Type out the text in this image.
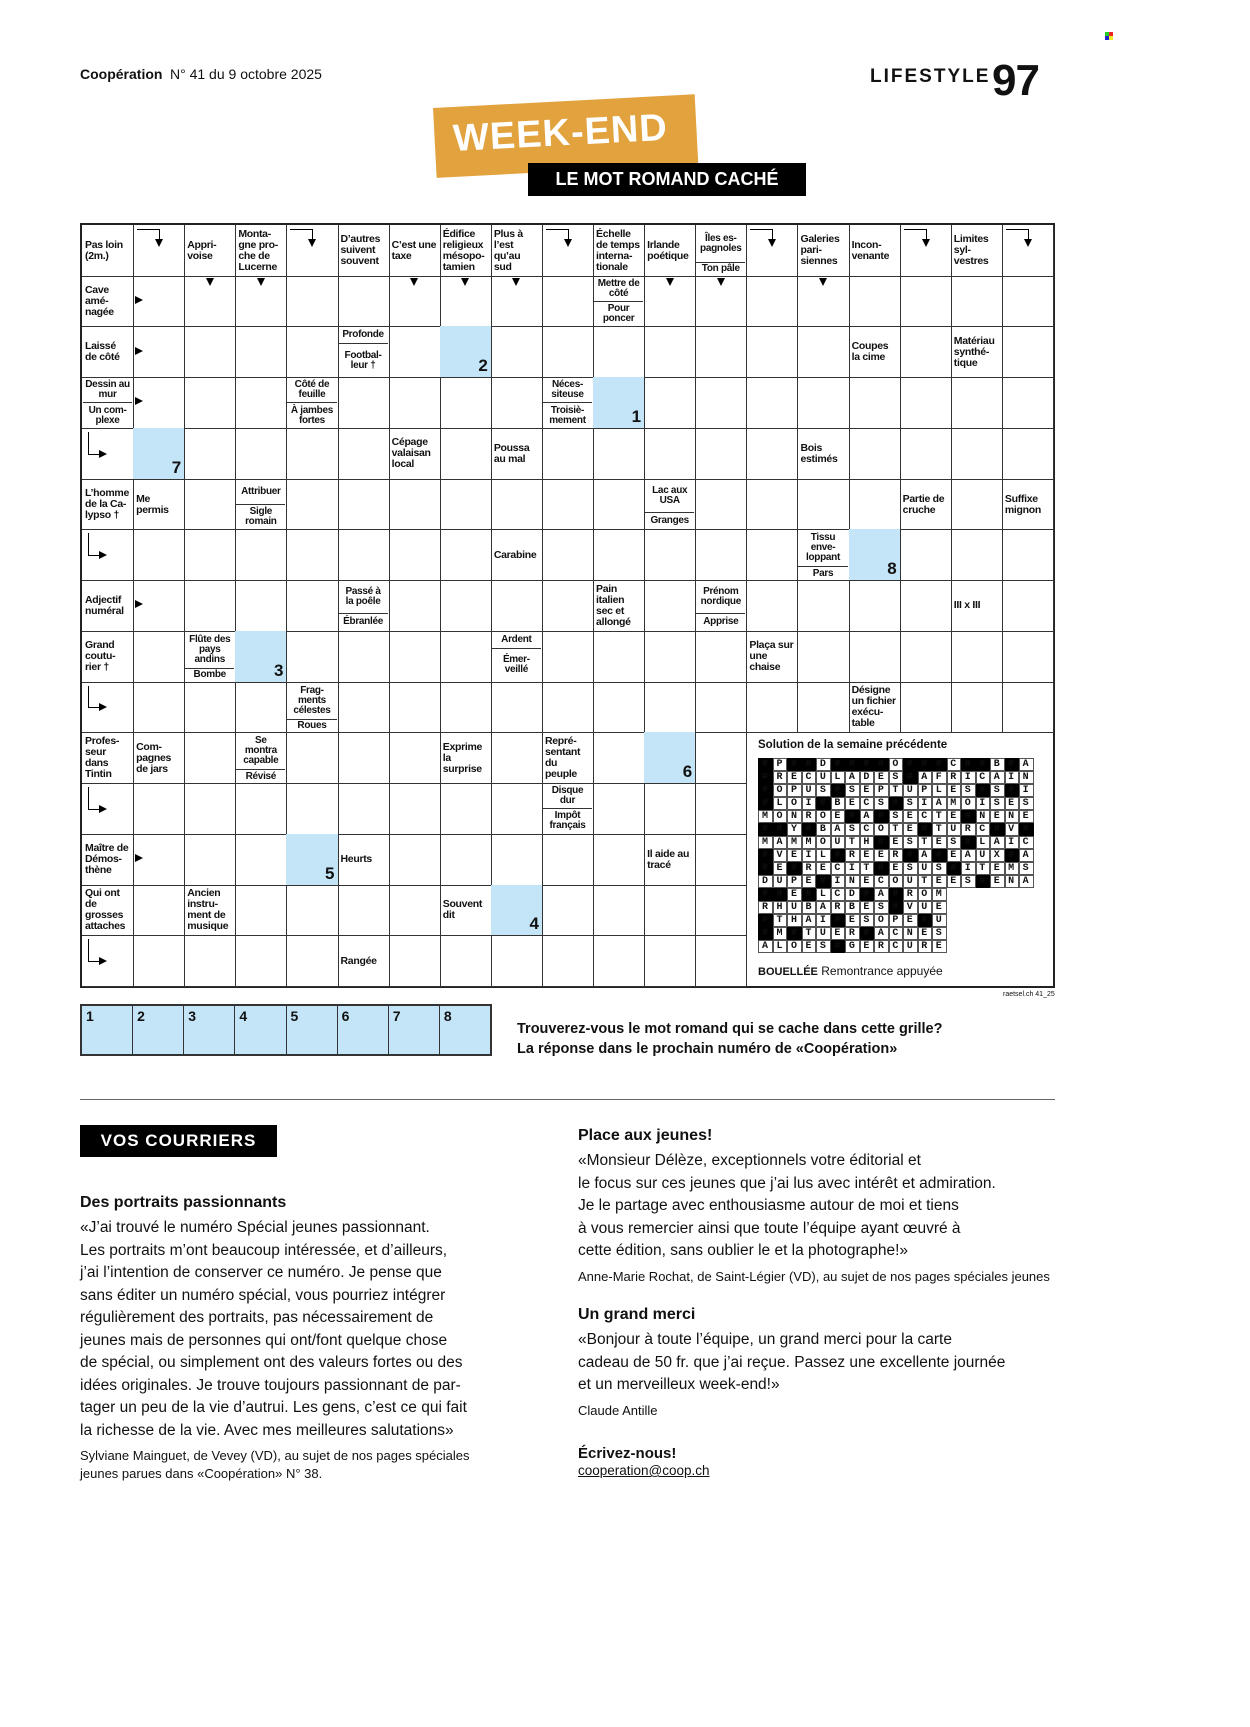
Coopération N° 41 du 9 octobre 2025	LIFESTYLE 97
WEEK-END
LE MOT ROMAND CACHÉ
2
1
7
8
3
6
5
4
Pas loin (2m.)
Appri- voise
Monta- gne pro- che de Lucerne
D’autres suivent souvent
C’est une taxe
Édifice religieux mésopo- tamien
Plus à l’est qu’au sud
Échelle de temps interna- tionale
Irlande poétique
Îles es- pagnoles
Ton pâle
Galeries pari- siennes
Incon- venante
Limites syl- vestres
Cave amé- nagée
Mettre de côté
Pour poncer
Laissé de côté
Profonde
Footbal- leur †
Coupes la cime
Matériau synthé- tique
Dessin au mur
Un com- plexe
Côté de feuille
À jambes fortes
Néces- siteuse
Troisiè- mement
Cépage valaisan local
Poussa au mal
Bois estimés
L’homme de la Ca- lypso †
Me permis
Attribuer
Sigle romain
Lac aux USA
Granges
Partie de cruche
Suffixe mignon
Carabine
Tissu enve- loppant
Pars
Adjectif numéral
Passé à la poêle
Ébranlée
Pain italien sec et allongé
Prénom nordique
Apprise
III x III
Grand coutu- rier †
Flûte des pays andins
Bombe
Ardent
Émer- veillé
Plaça sur une chaise
Frag- ments célestes
Roues
Désigne un fichier exécu- table
Profes- seur dans Tintin
Com- pagnes de jars
Se montra capable
Révisé
Exprime la surprise
Repré- sentant du peuple
Disque dur
Impôt français
Maître de Démos- thène
Heurts	Il aide au tracé
Qui ont de grosses attaches
Ancien instru- ment de musique
Souvent dit
Rangée
Solution de la semaine précédente
#P##D####O###C##B#A
#RECULADES#AFRICAIN
#OPUS#SEPTUPLES#S#I
#LOI#BECS#SIAMOISES
MONROE#A#SECTE#NENE
##Y#BASCOTE#TURC#V#
MAMMOUTH#ESTES#LAIC
#VEIL#REER#A#EAUX#A
#E#RECIT#ESUS#ITEMS
DUPE#INECOUTEES#ENA
##E#LCD#A#ROM
RHUBARBES#VUE
#THAI#ESOPE#U
#M#TUER#ACNES
ALOES#GERCURE
BOUELLÉE Remontrance appuyée
raetsel.ch 41_25
1	2	3	4	5	6	7	8
Trouverez-vous le mot romand qui se cache dans cette grille?
La réponse dans le prochain numéro de «Coopération»
VOS COURRIERS
Des portraits passionnants
«J’ai trouvé le numéro Spécial jeunes passionnant.
Les portraits m’ont beaucoup intéressée, et d’ailleurs,
j’ai l’intention de conserver ce numéro. Je pense que
sans éditer un numéro spécial, vous pourriez intégrer
régulièrement des portraits, pas nécessairement de
jeunes mais de personnes qui ont/font quelque chose
de spécial, ou simplement ont des valeurs fortes ou des
idées originales. Je trouve toujours passionnant de par-
tager un peu de la vie d’autrui. Les gens, c’est ce qui fait
la richesse de la vie. Avec mes meilleures salutations»
Sylviane Mainguet, de Vevey (VD), au sujet de nos pages spéciales
jeunes parues dans «Coopération» N° 38.
Place aux jeunes!
«Monsieur Délèze, exceptionnels votre éditorial et
le focus sur ces jeunes que j’ai lus avec intérêt et admiration.
Je le partage avec enthousiasme autour de moi et tiens
à vous remercier ainsi que toute l’équipe ayant œuvré à
cette édition, sans oublier le et la photographe!»
Anne-Marie Rochat, de Saint-Légier (VD), au sujet de nos pages spéciales jeunes
Un grand merci
«Bonjour à toute l’équipe, un grand merci pour la carte
cadeau de 50 fr. que j’ai reçue. Passez une excellente journée
et un merveilleux week-end!»
Claude Antille
Écrivez-nous!
cooperation@coop.ch
